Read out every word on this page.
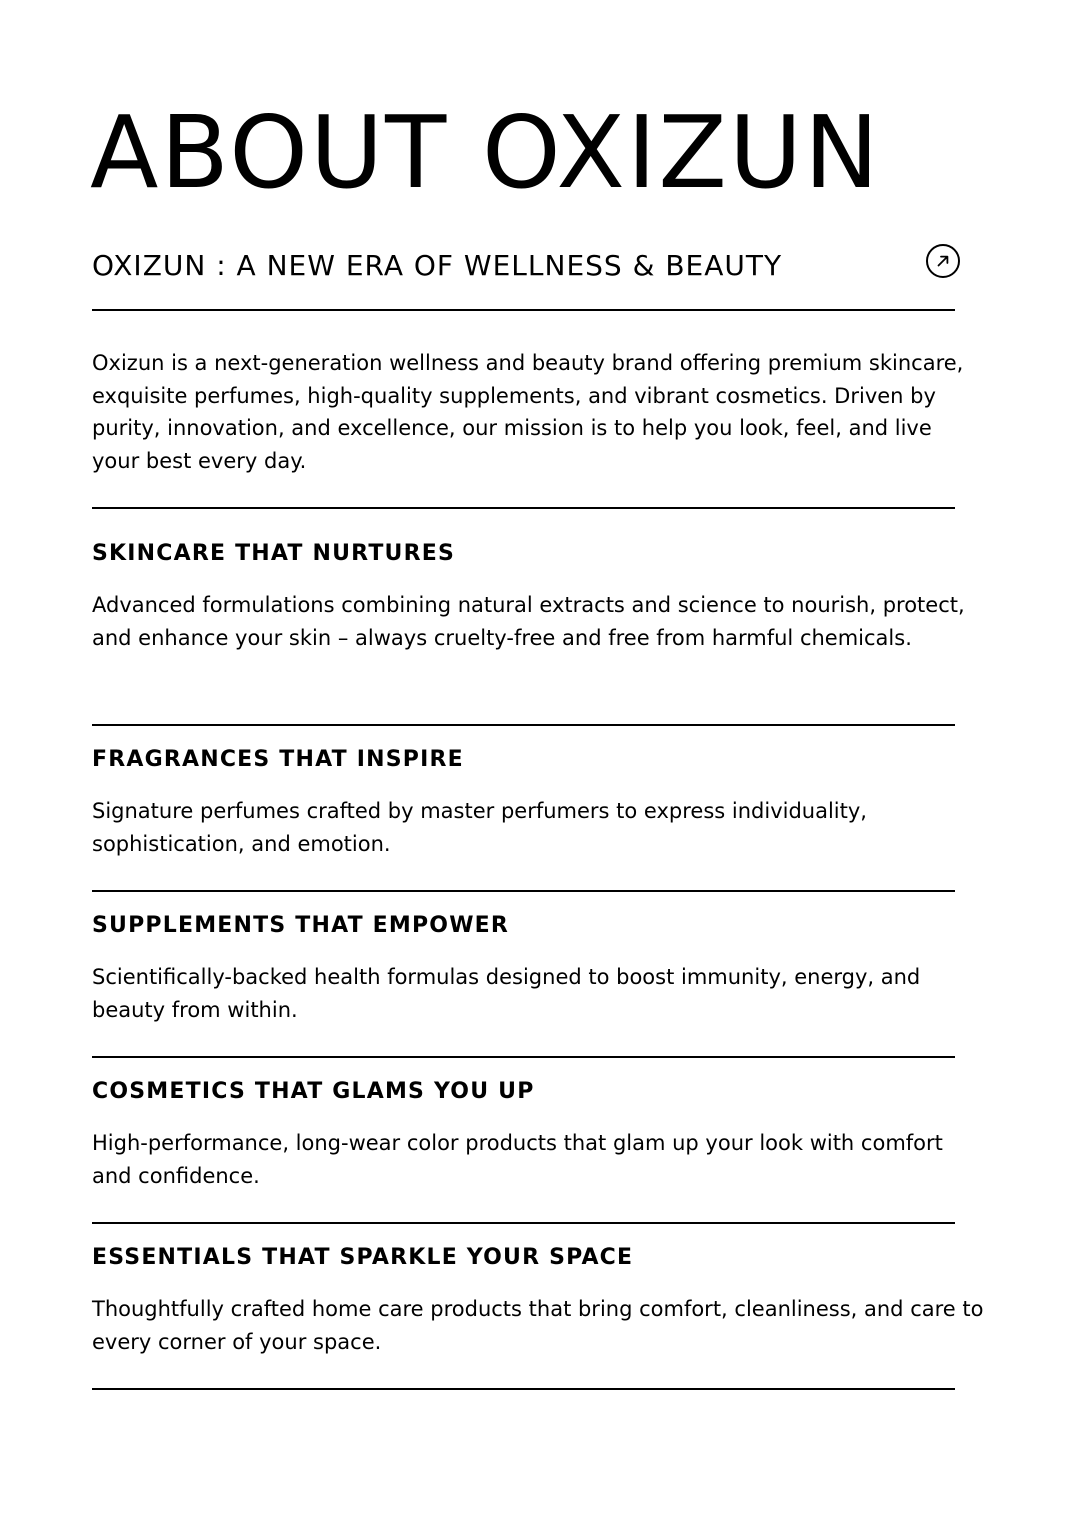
ABOUT OXIZUN
OXIZUN : A NEW ERA OF WELLNESS & BEAUTY

Oxizun is a next-generation wellness and beauty brand offering premium skincare, exquisite perfumes, high-quality supplements, and vibrant cosmetics. Driven by purity, innovation, and excellence, our mission is to help you look, feel, and live your best every day.

SKINCARE THAT NURTURES

Advanced formulations combining natural extracts and science to nourish, protect, and enhance your skin – always cruelty-free and free from harmful chemicals.

FRAGRANCES THAT INSPIRE

Signature perfumes crafted by master perfumers to express individuality, sophistication, and emotion.

SUPPLEMENTS THAT EMPOWER

Scientifically-backed health formulas designed to boost immunity, energy, and beauty from within.

COSMETICS THAT GLAMS YOU UP

High-performance, long-wear color products that glam up your look with comfort and confidence.

ESSENTIALS THAT SPARKLE YOUR SPACE

Thoughtfully crafted home care products that bring comfort, cleanliness, and care to every corner of your space.
